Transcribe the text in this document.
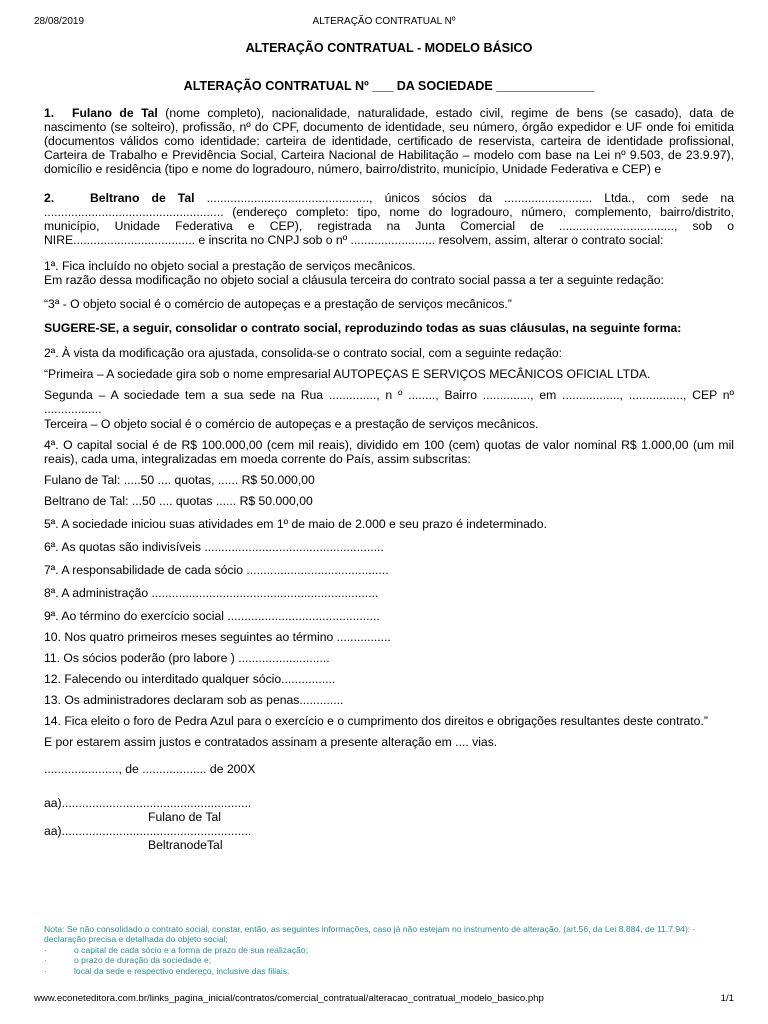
28/08/2019	ALTERAÇÃO CONTRATUAL Nº
ALTERAÇÃO CONTRATUAL - MODELO BÁSICO
ALTERAÇÃO CONTRATUAL Nº ___ DA SOCIEDADE ______________

1. Fulano de Tal (nome completo), nacionalidade, naturalidade, estado civil, regime de bens (se casado), data de nascimento (se solteiro), profissão, nº do CPF, documento de identidade, seu número, órgão expedidor e UF onde foi emitida (documentos válidos como identidade: carteira de identidade, certificado de reservista, carteira de identidade profissional, Carteira de Trabalho e Previdência Social, Carteira Nacional de Habilitação – modelo com base na Lei nº 9.503, de 23.9.97), domicílio e residência (tipo e nome do logradouro, número, bairro/distrito, município, Unidade Federativa e CEP) e

2.	Beltrano de Tal ................................................, únicos sócios da .......................... Ltda., com sede na ..................................................... (endereço completo: tipo, nome do logradouro, número, complemento, bairro/distrito, município, Unidade Federativa e CEP), registrada na Junta Comercial de .................................., sob o NIRE.................................... e inscrita no CNPJ sob o nº ......................... resolvem, assim, alterar o contrato social:

1ª. Fica incluído no objeto social a prestação de serviços mecânicos.

Em razão dessa modificação no objeto social a cláusula terceira do contrato social passa a ter a seguinte redação:

“3ª - O objeto social é o comércio de autopeças e a prestação de serviços mecânicos.”

SUGERE-SE, a seguir, consolidar o contrato social, reproduzindo todas as suas cláusulas, na seguinte forma:

2ª. À vista da modificação ora ajustada, consolida-se o contrato social, com a seguinte redação:

“Primeira – A sociedade gira sob o nome empresarial AUTOPEÇAS E SERVIÇOS MECÂNICOS OFICIAL LTDA.

Segunda – A sociedade tem a sua sede na Rua .............., n º ........, Bairro .............., em ................., ................, CEP nº .................

Terceira – O objeto social é o comércio de autopeças e a prestação de serviços mecânicos.

4ª. O capital social é de R$ 100.000,00 (cem mil reais), dividido em 100 (cem) quotas de valor nominal R$ 1.000,00 (um mil reais), cada uma, integralizadas em moeda corrente do País, assim subscritas:

Fulano de Tal: .....50 .... quotas, ...... R$ 50.000,00

Beltrano de Tal: ...50 .... quotas ...... R$ 50.000,00

5ª. A sociedade iniciou suas atividades em 1º de maio de 2.000 e seu prazo é indeterminado.

6ª. As quotas são indivisíveis .....................................................

7ª. A responsabilidade de cada sócio ..........................................

8ª. A administração ...................................................................

9ª. Ao término do exercício social .............................................

10. Nos quatro primeiros meses seguintes ao término ................

11. Os sócios poderão (pro labore ) ...........................

12. Falecendo ou interditado qualquer sócio................

13. Os administradores declaram sob as penas.............

14. Fica eleito o foro de Pedra Azul para o exercício e o cumprimento dos direitos e obrigações resultantes deste contrato.”

E por estarem assim justos e contratados assinam a presente alteração em .... vias.

......................, de ................... de 200X

aa)........................................................

Fulano de Tal

aa)........................................................

BeltranodeTal

Nota: Se não consolidado o contrato social, constar, então, as seguintes informações, caso já não estejam no instrumento de alteração, (art.56, da Lei 8.884, de 11.7.94): - declaração precisa e detalhada do objeto social;
·	o capital de cada sócio e a forma de prazo de sua realização;
·	o prazo de duração da sociedade e;
·	local da sede e respectivo endereço, inclusive das filiais.
www.econeteditora.com.br/links_pagina_inicial/contratos/comercial_contratual/alteracao_contratual_modelo_basico.php	1/1
